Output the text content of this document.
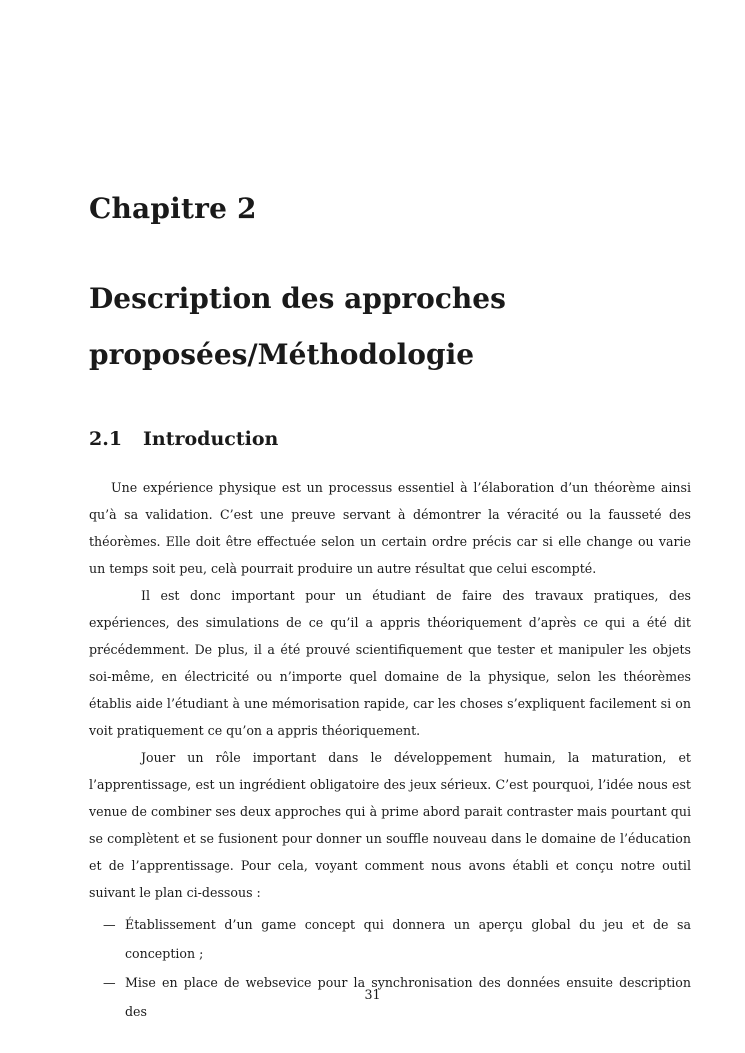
Chapitre 2
Description des approches
proposées/Méthodologie
2.1 Introduction

Une expérience physique est un processus essentiel à l’élaboration d’un théorème ainsi qu’à sa validation. C’est une preuve servant à démontrer la véracité ou la fausseté des théorèmes. Elle doit être effectuée selon un certain ordre précis car si elle change ou varie un temps soit peu, celà pourrait produire un autre résultat que celui escompté.

Il est donc important pour un étudiant de faire des travaux pratiques, des expériences, des simulations de ce qu’il a appris théoriquement d’après ce qui a été dit précédemment. De plus, il a été prouvé scientifiquement que tester et manipuler les objets soi-même, en électricité ou n’importe quel domaine de la physique, selon les théorèmes établis aide l’étudiant à une mémorisation rapide, car les choses s’expliquent facilement si on voit pratiquement ce qu’on a appris théoriquement.

Jouer un rôle important dans le développement humain, la maturation, et l’apprentissage, est un ingrédient obligatoire des jeux sérieux. C’est pourquoi, l’idée nous est venue de combiner ses deux approches qui à prime abord parait contraster mais pourtant qui se complètent et se fusionent pour donner un souffle nouveau dans le domaine de l’éducation et de l’apprentissage. Pour cela, voyant comment nous avons établi et conçu notre outil suivant le plan ci-dessous :

— Établissement d’un game concept qui donnera un aperçu global du jeu et de sa conception ;
— Mise en place de websevice pour la synchronisation des données ensuite description des
31
